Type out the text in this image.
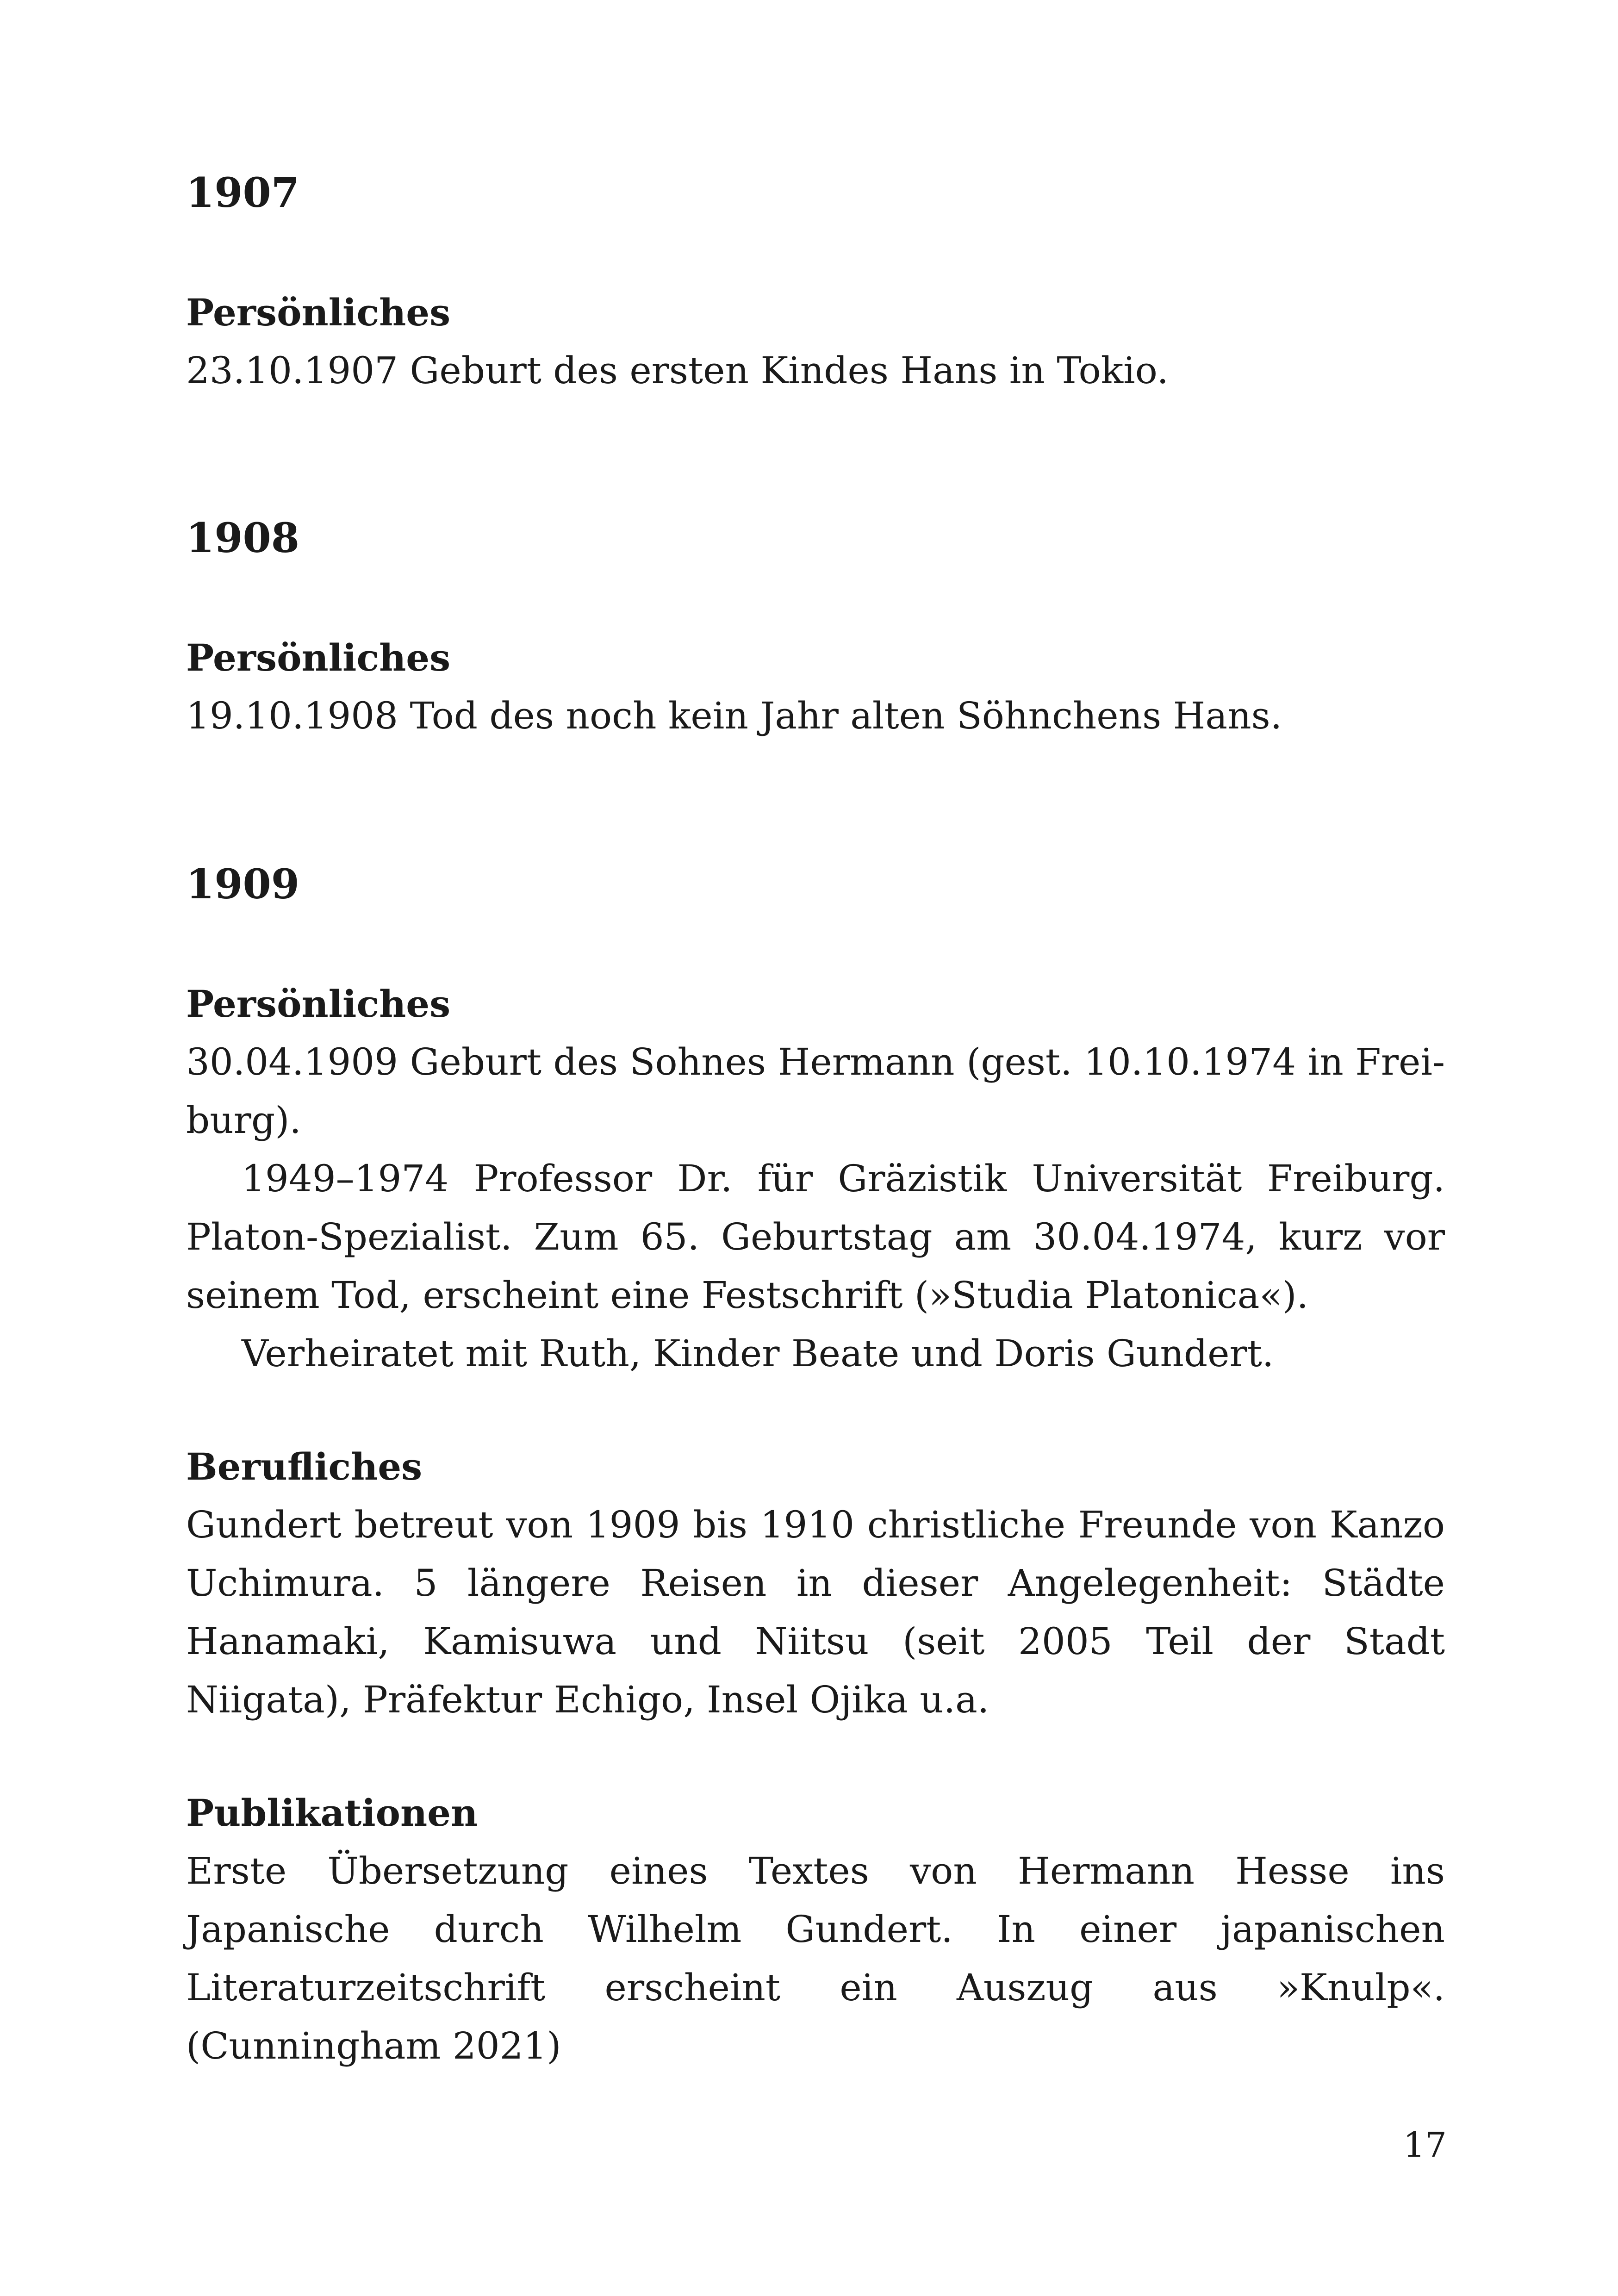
1907
Persönliches

23.10.1907 Geburt des ersten Kindes Hans in Tokio.

1908
Persönliches

19.10.1908 Tod des noch kein Jahr alten Söhnchens Hans.

1909
Persönliches

30.04.1909 Geburt des Sohnes Hermann (gest. 10.10.1974 in Freiburg).

1949–1974 Professor Dr. für Gräzistik Universität Freiburg. Platon-Spezialist. Zum 65. Geburtstag am 30.04.1974, kurz vor seinem Tod, erscheint eine Festschrift (»Studia Platonica«).

Verheiratet mit Ruth, Kinder Beate und Doris Gundert.

Berufliches

Gundert betreut von 1909 bis 1910 christliche Freunde von Kanzo Uchimura. 5 längere Reisen in dieser Angelegenheit: Städte Hanamaki, Kamisuwa und Niitsu (seit 2005 Teil der Stadt Niigata), Präfektur Echigo, Insel Ojika u.a.

Publikationen

Erste Übersetzung eines Textes von Hermann Hesse ins Japanische durch Wilhelm Gundert. In einer japanischen Literaturzeitschrift erscheint ein Auszug aus »Knulp«. (Cunningham 2021)

17
